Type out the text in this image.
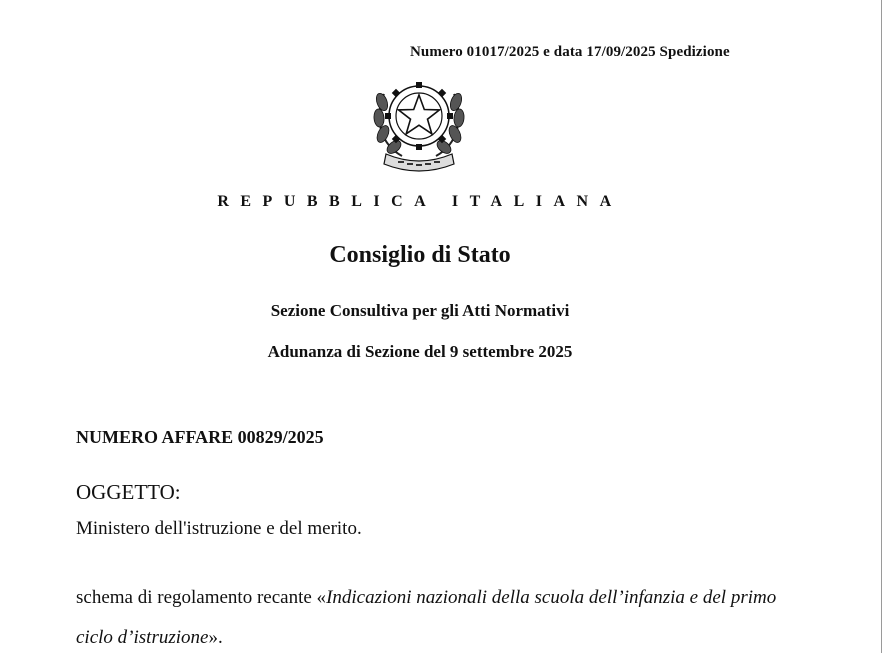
Numero 01017/2025 e data 17/09/2025 Spedizione
REPUBBLICA ITALIANA
Consiglio di Stato
Sezione Consultiva per gli Atti Normativi
Adunanza di Sezione del 9 settembre 2025
NUMERO AFFARE 00829/2025
OGGETTO:
Ministero dell'istruzione e del merito.
schema di regolamento recante «Indicazioni nazionali della scuola dell’infanzia e del primo ciclo d’istruzione».
